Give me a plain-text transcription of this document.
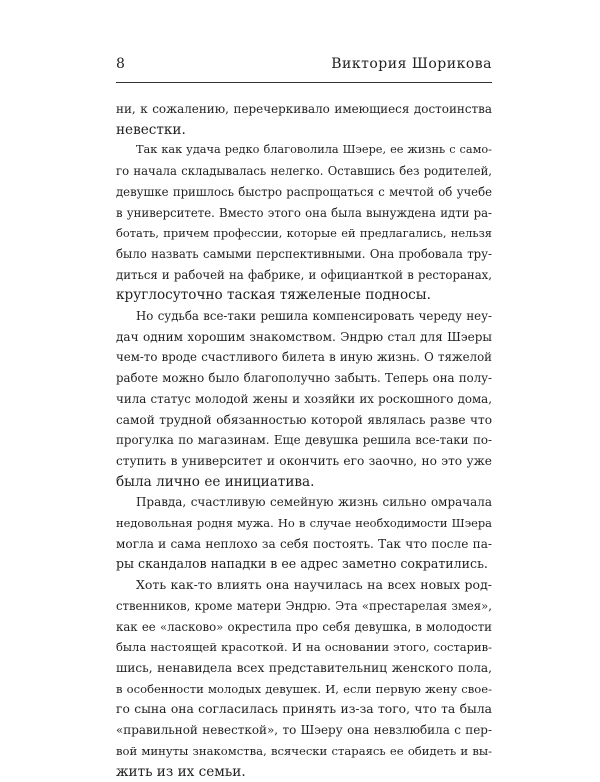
8	Виктория Шорикова
ни, к сожалению, перечеркивало имеющиеся достоинства
невестки.
Так как удача редко благоволила Шэере, ее жизнь с само-
го начала складывалась нелегко. Оставшись без родителей,
девушке пришлось быстро распрощаться с мечтой об учебе
в университете. Вместо этого она была вынуждена идти ра-
ботать, причем профессии, которые ей предлагались, нельзя
было назвать самыми перспективными. Она пробовала тру-
диться и рабочей на фабрике, и официанткой в ресторанах,
круглосуточно таская тяжеленые подносы.
Но судьба все-таки решила компенсировать череду неу-
дач одним хорошим знакомством. Эндрю стал для Шэеры
чем-то вроде счастливого билета в иную жизнь. О тяжелой
работе можно было благополучно забыть. Теперь она полу-
чила статус молодой жены и хозяйки их роскошного дома,
самой трудной обязанностью которой являлась разве что
прогулка по магазинам. Еще девушка решила все-таки по-
ступить в университет и окончить его заочно, но это уже
была лично ее инициатива.
Правда, счастливую семейную жизнь сильно омрачала
недовольная родня мужа. Но в случае необходимости Шэера
могла и сама неплохо за себя постоять. Так что после па-
ры скандалов нападки в ее адрес заметно сократились.
Хоть как-то влиять она научилась на всех новых род-
ственников, кроме матери Эндрю. Эта «престарелая змея»,
как ее «ласково» окрестила про себя девушка, в молодости
была настоящей красоткой. И на основании этого, состарив-
шись, ненавидела всех представительниц женского пола,
в особенности молодых девушек. И, если первую жену свое-
го сына она согласилась принять из-за того, что та была
«правильной невесткой», то Шэеру она невзлюбила с пер-
вой минуты знакомства, всячески стараясь ее обидеть и вы-
жить из их семьи.
